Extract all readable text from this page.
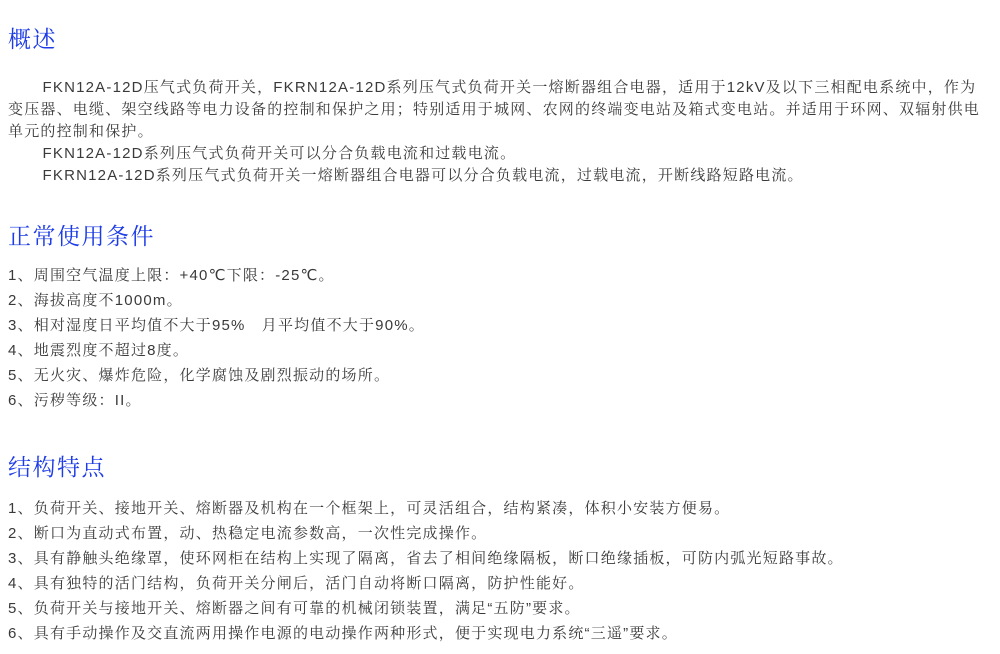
概述

FKN12A-12D压气式负荷开关，FKRN12A-12D系列压气式负荷开关一熔断器组合电器，适用于12kV及以下三相配电系统中，作为变压器、电缆、架空线路等电力设备的控制和保护之用；特别适用于城网、农网的终端变电站及箱式变电站。并适用于环网、双辐射供电单元的控制和保护。

FKN12A-12D系列压气式负荷开关可以分合负载电流和过载电流。

FKRN12A-12D系列压气式负荷开关一熔断器组合电器可以分合负载电流，过载电流，开断线路短路电流。

正常使用条件

1、周围空气温度上限：+40℃下限：-25℃。

2、海拔高度不1000m。

3、相对湿度日平均值不大于95%　月平均值不大于90%。

4、地震烈度不超过8度。

5、无火灾、爆炸危险，化学腐蚀及剧烈振动的场所。

6、污秽等级：II。

结构特点

1、负荷开关、接地开关、熔断器及机构在一个框架上，可灵活组合，结构紧凑，体积小安装方便易。

2、断口为直动式布置，动、热稳定电流参数高，一次性完成操作。

3、具有静触头绝缘罩，使环网柜在结构上实现了隔离，省去了相间绝缘隔板，断口绝缘插板，可防内弧光短路事故。

4、具有独特的活门结构，负荷开关分闸后，活门自动将断口隔离，防护性能好。

5、负荷开关与接地开关、熔断器之间有可靠的机械闭锁装置，满足“五防”要求。

6、具有手动操作及交直流两用操作电源的电动操作两种形式，便于实现电力系统“三遥”要求。
